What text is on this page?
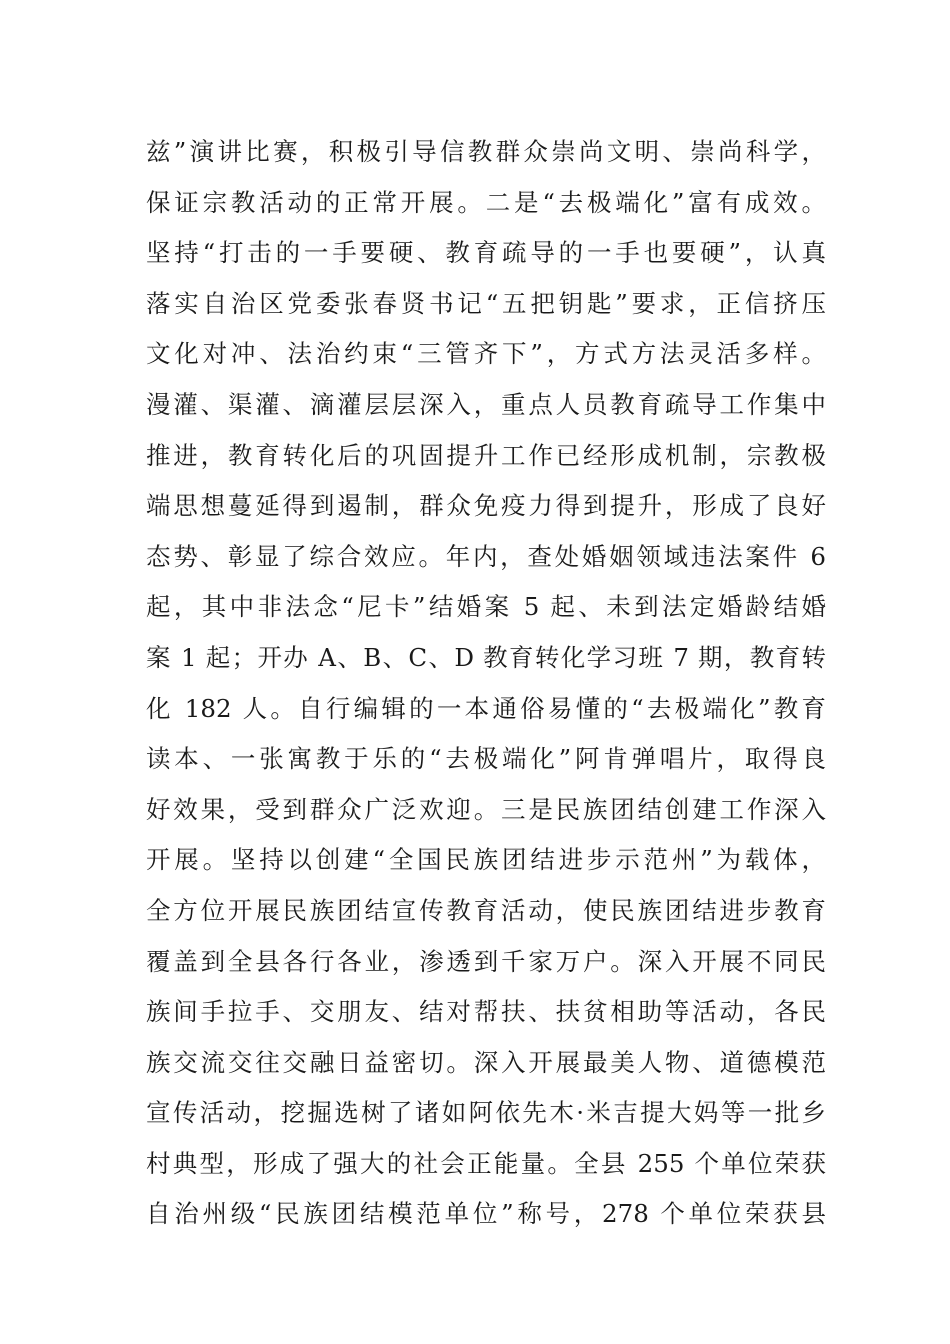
兹”演讲比赛，积极引导信教群众崇尚文明、崇尚科学，
保证宗教活动的正常开展。二是“去极端化”富有成效。
坚持“打击的一手要硬、教育疏导的一手也要硬”，认真
落实自治区党委张春贤书记“五把钥匙”要求，正信挤压
文化对冲、法治约束“三管齐下”，方式方法灵活多样。
漫灌、渠灌、滴灌层层深入，重点人员教育疏导工作集中
推进，教育转化后的巩固提升工作已经形成机制，宗教极
端思想蔓延得到遏制，群众免疫力得到提升，形成了良好
态势、彰显了综合效应。年内，查处婚姻领域违法案件 6
起，其中非法念“尼卡”结婚案 5 起、未到法定婚龄结婚
案 1 起；开办 A、B、C、D 教育转化学习班 7 期，教育转
化 182 人。自行编辑的一本通俗易懂的“去极端化”教育
读本、一张寓教于乐的“去极端化”阿肯弹唱片，取得良
好效果，受到群众广泛欢迎。三是民族团结创建工作深入
开展。坚持以创建“全国民族团结进步示范州”为载体，
全方位开展民族团结宣传教育活动，使民族团结进步教育
覆盖到全县各行各业，渗透到千家万户。深入开展不同民
族间手拉手、交朋友、结对帮扶、扶贫相助等活动，各民
族交流交往交融日益密切。深入开展最美人物、道德模范
宣传活动，挖掘选树了诸如阿依先木·米吉提大妈等一批乡
村典型，形成了强大的社会正能量。全县 255 个单位荣获
自治州级“民族团结模范单位”称号，278 个单位荣获县
